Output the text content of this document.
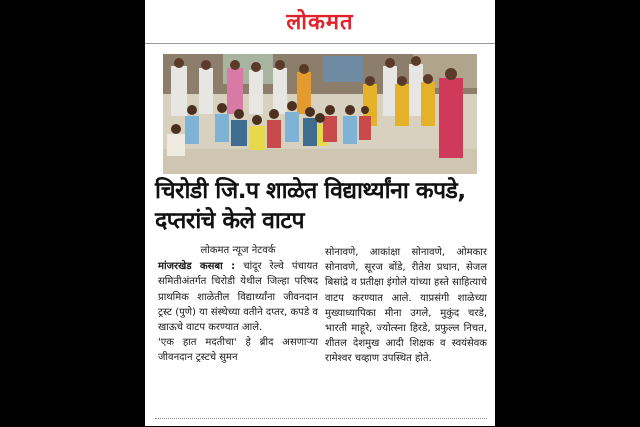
लोकमत
चिरोडी जि.प शाळेत विद्यार्थ्यांना कपडे, दप्तरांचे केले वाटप
लोकमत न्यूज नेटवर्क
मांजरखेड कसबा : चांदूर रेल्वे पंचायत समितीअंतर्गत चिरोडी येथील जिल्हा परिषद प्राथमिक शाळेतील विद्यार्थ्यांना जीवनदान ट्रस्ट (पुणे) या संस्थेच्या वतीने दप्तर, कपडे व खाऊचे वाटप करण्यात आले.
'एक हात मदतीचा' हे ब्रीद असणाऱ्या जीवनदान ट्रस्टचे सुमन
सोनावणे, आकांक्षा सोनावणे, ओमकार सोनावणे, सूरज बोंडे, रीतेश प्रधान, सेजल बिसांद्रे व प्रतीक्षा इंगोले यांच्या हस्ते साहित्याचे वाटप करण्यात आले. याप्रसंगी शाळेच्या मुख्याध्यापिका मीना उगले, मुकुंद चरडे, भारती माहूरे, ज्योत्स्ना हिरडे, प्रफुल्ल निचत, शीतल देशमुख आदी शिक्षक व स्वयंसेवक रामेश्वर चव्हाण उपस्थित होते.
